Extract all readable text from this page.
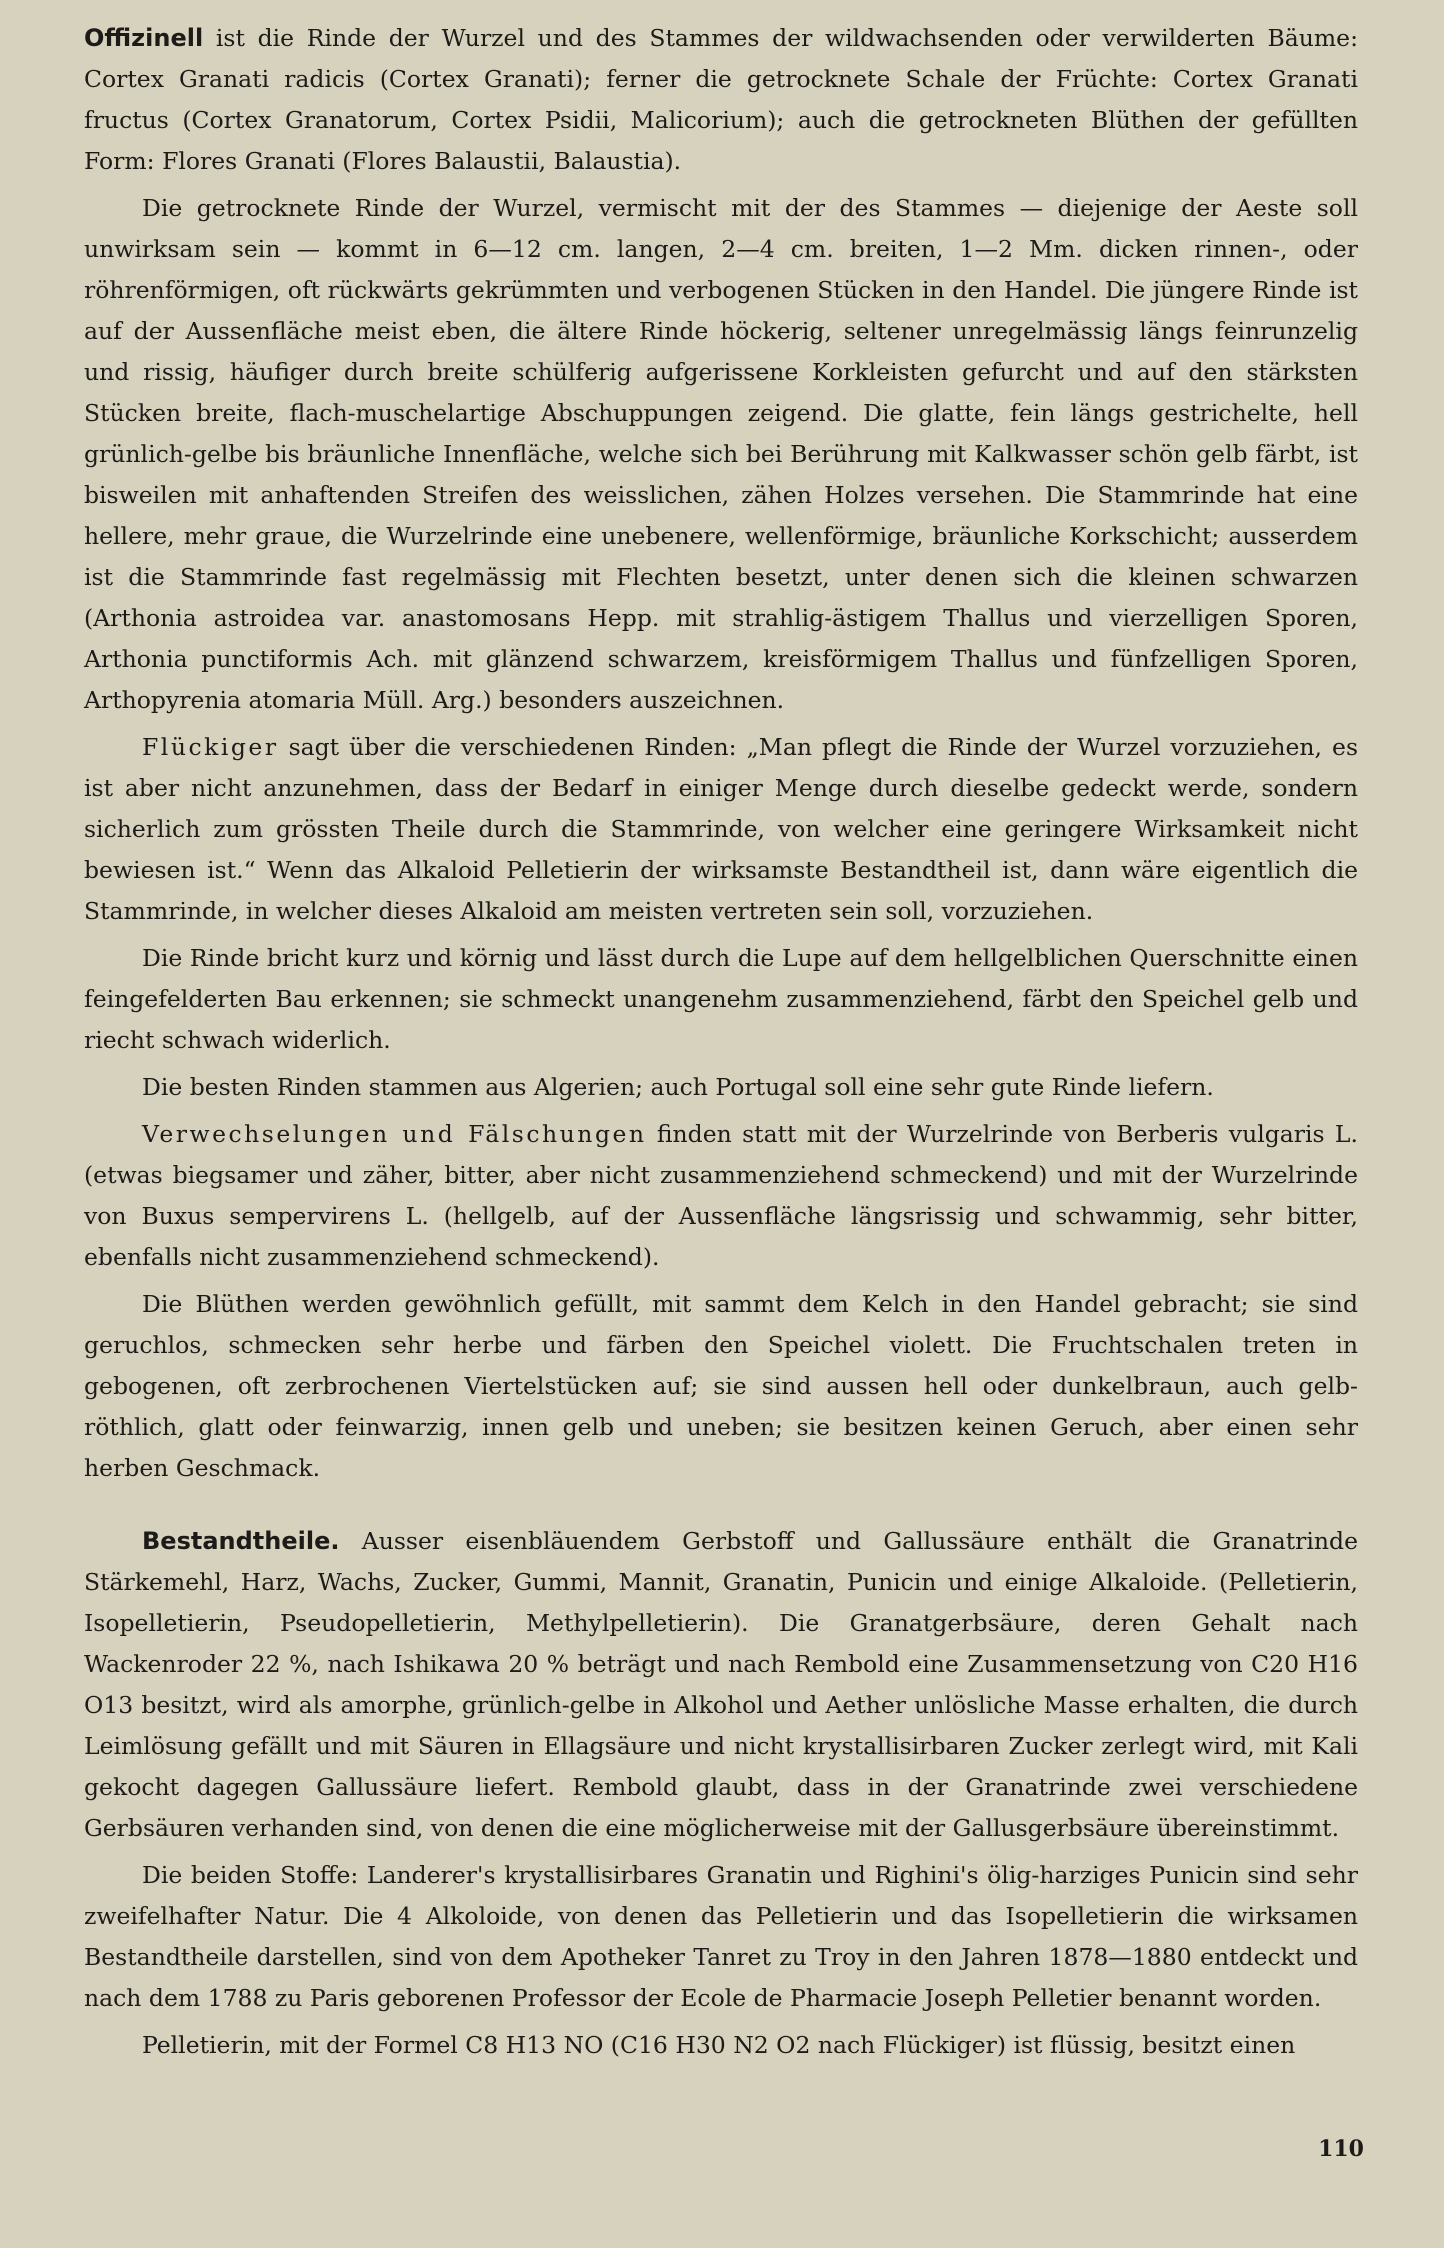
Offizinell ist die Rinde der Wurzel und des Stammes der wildwachsenden oder verwilderten Bäume: Cortex Granati radicis (Cortex Granati); ferner die getrocknete Schale der Früchte: Cortex Granati fructus (Cortex Granatorum, Cortex Psidii, Malicorium); auch die getrockneten Blüthen der gefüllten Form: Flores Granati (Flores Balaustii, Balaustia).

Die getrocknete Rinde der Wurzel, vermischt mit der des Stammes — diejenige der Aeste soll unwirksam sein — kommt in 6—12 cm. langen, 2—4 cm. breiten, 1—2 Mm. dicken rinnen-, oder röhrenförmigen, oft rückwärts gekrümmten und verbogenen Stücken in den Handel. Die jüngere Rinde ist auf der Aussenfläche meist eben, die ältere Rinde höckerig, seltener unregelmässig längs feinrunzelig und rissig, häufiger durch breite schülferig aufgerissene Korkleisten gefurcht und auf den stärksten Stücken breite, flach-muschelartige Abschuppungen zeigend. Die glatte, fein längs gestrichelte, hell grünlich-gelbe bis bräunliche Innenfläche, welche sich bei Berührung mit Kalkwasser schön gelb färbt, ist bisweilen mit anhaftenden Streifen des weisslichen, zähen Holzes versehen. Die Stammrinde hat eine hellere, mehr graue, die Wurzelrinde eine unebenere, wellenförmige, bräunliche Korkschicht; ausserdem ist die Stammrinde fast regelmässig mit Flechten besetzt, unter denen sich die kleinen schwarzen (Arthonia astroidea var. anastomosans Hepp. mit strahlig-ästigem Thallus und vierzelligen Sporen, Arthonia punctiformis Ach. mit glänzend schwarzem, kreisförmigem Thallus und fünfzelligen Sporen, Arthopyrenia atomaria Müll. Arg.) besonders auszeichnen.

Flückiger sagt über die verschiedenen Rinden: „Man pflegt die Rinde der Wurzel vorzuziehen, es ist aber nicht anzunehmen, dass der Bedarf in einiger Menge durch dieselbe gedeckt werde, sondern sicherlich zum grössten Theile durch die Stammrinde, von welcher eine geringere Wirksamkeit nicht bewiesen ist.“ Wenn das Alkaloid Pelletierin der wirksamste Bestandtheil ist, dann wäre eigentlich die Stammrinde, in welcher dieses Alkaloid am meisten vertreten sein soll, vorzuziehen.

Die Rinde bricht kurz und körnig und lässt durch die Lupe auf dem hellgelblichen Querschnitte einen feingefelderten Bau erkennen; sie schmeckt unangenehm zusammenziehend, färbt den Speichel gelb und riecht schwach widerlich.

Die besten Rinden stammen aus Algerien; auch Portugal soll eine sehr gute Rinde liefern.

Verwechselungen und Fälschungen finden statt mit der Wurzelrinde von Berberis vulgaris L. (etwas biegsamer und zäher, bitter, aber nicht zusammenziehend schmeckend) und mit der Wurzelrinde von Buxus sempervirens L. (hellgelb, auf der Aussenfläche längsrissig und schwammig, sehr bitter, ebenfalls nicht zusammenziehend schmeckend).

Die Blüthen werden gewöhnlich gefüllt, mit sammt dem Kelch in den Handel gebracht; sie sind geruchlos, schmecken sehr herbe und färben den Speichel violett. Die Fruchtschalen treten in gebogenen, oft zerbrochenen Viertelstücken auf; sie sind aussen hell oder dunkelbraun, auch gelb-röthlich, glatt oder feinwarzig, innen gelb und uneben; sie besitzen keinen Geruch, aber einen sehr herben Geschmack.

Bestandtheile. Ausser eisenbläuendem Gerbstoff und Gallussäure enthält die Granatrinde Stärkemehl, Harz, Wachs, Zucker, Gummi, Mannit, Granatin, Punicin und einige Alkaloide. (Pelletierin, Isopelletierin, Pseudopelletierin, Methylpelletierin). Die Granatgerbsäure, deren Gehalt nach Wackenroder 22 %, nach Ishikawa 20 % beträgt und nach Rembold eine Zusammensetzung von C20 H16 O13 besitzt, wird als amorphe, grünlich-gelbe in Alkohol und Aether unlösliche Masse erhalten, die durch Leimlösung gefällt und mit Säuren in Ellagsäure und nicht krystallisirbaren Zucker zerlegt wird, mit Kali gekocht dagegen Gallussäure liefert. Rembold glaubt, dass in der Granatrinde zwei verschiedene Gerbsäuren verhanden sind, von denen die eine möglicherweise mit der Gallusgerbsäure übereinstimmt.

Die beiden Stoffe: Landerer's krystallisirbares Granatin und Righini's ölig-harziges Punicin sind sehr zweifelhafter Natur. Die 4 Alkoloide, von denen das Pelletierin und das Isopelletierin die wirksamen Bestandtheile darstellen, sind von dem Apotheker Tanret zu Troy in den Jahren 1878—1880 entdeckt und nach dem 1788 zu Paris geborenen Professor der Ecole de Pharmacie Joseph Pelletier benannt worden.

Pelletierin, mit der Formel C8 H13 NO (C16 H30 N2 O2 nach Flückiger) ist flüssig, besitzt einen

110
